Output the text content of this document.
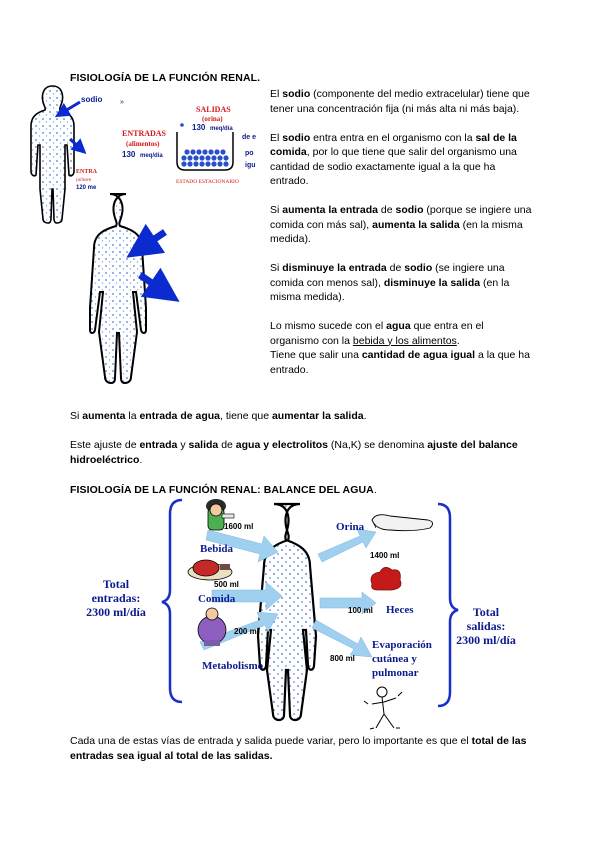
FISIOLOGÍA DE LA FUNCIÓN RENAL.
sodio
ENTRA
(alimen
120 me
SALIDAS
(orina)
130 meq/día
ENTRADAS
(alimentos)
130 meq/día
ESTADO ESTACIONARIO
de e
po
igu
»

El sodio (componente del medio extracelular) tiene que tener una concentración fija (ni más alta ni más baja).

El sodio entra entra en el organismo con la sal de la comida, por lo que tiene que salir del organismo una cantidad de sodio exactamente igual a la que ha entrado.

Si aumenta la entrada de sodio (porque se ingiere una comida con más sal), aumenta la salida (en la misma medida).

Si disminuye la entrada de sodio (se ingiere una comida con menos sal), disminuye la salida (en la misma medida).

Lo mismo sucede con el agua que entra en el organismo con la bebida y los alimentos.

Tiene que salir una cantidad de agua igual a la que ha entrado.

Si aumenta la entrada de agua, tiene que aumentar la salida.
Este ajuste de entrada y salida de agua y electrolitos (Na,K) se denomina ajuste del balance hidroeléctrico.
FISIOLOGÍA DE LA FUNCIÓN RENAL: BALANCE DEL AGUA.
1600 ml
500 ml
200 ml
1400 ml
100 ml
800 ml
Bebida
Comida
Metabolismo
Orina
Heces
Evaporación
cutánea y
pulmonar
Total
entradas:
2300 ml/día	Total
salidas:
2300 ml/día
Cada una de estas vías de entrada y salida puede variar, pero lo importante es que el total de las entradas sea igual al total de las salidas.
